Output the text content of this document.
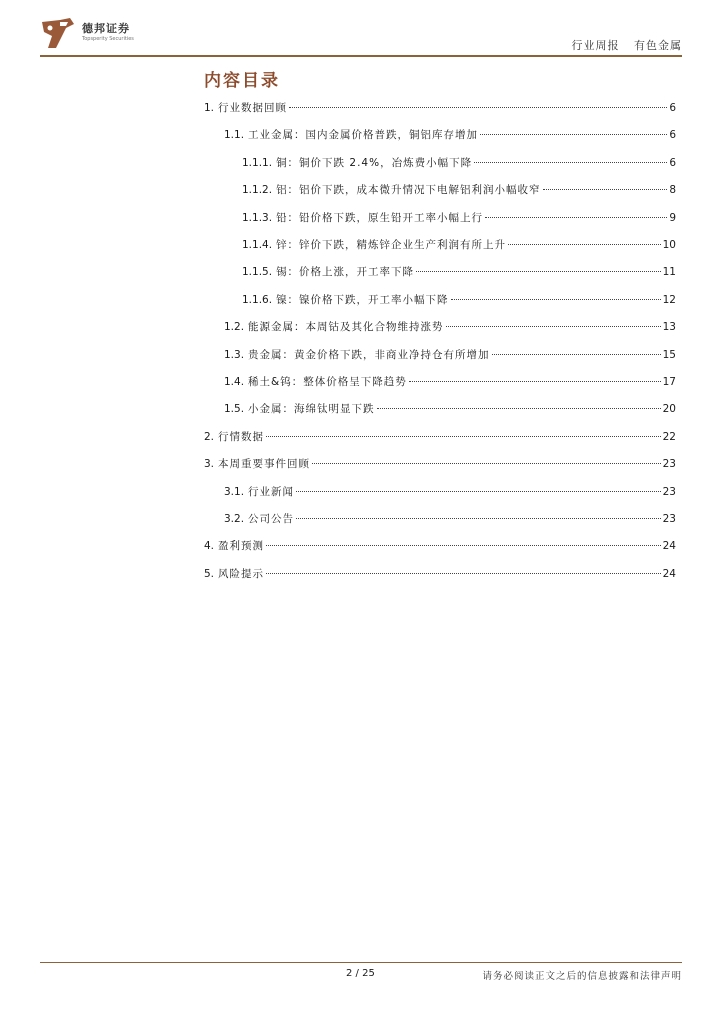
德邦证券
Topsperity Securities	行业周报 有色金属
内容目录
1. 行业数据回顾	6
1.1. 工业金属：国内金属价格普跌，铜铝库存增加	6
1.1.1. 铜：铜价下跌 2.4%，冶炼费小幅下降	6
1.1.2. 铝：铝价下跌，成本微升情况下电解铝利润小幅收窄	8
1.1.3. 铅：铅价格下跌，原生铅开工率小幅上行	9
1.1.4. 锌：锌价下跌，精炼锌企业生产利润有所上升	10
1.1.5. 锡：价格上涨，开工率下降	11
1.1.6. 镍：镍价格下跌，开工率小幅下降	12
1.2. 能源金属：本周钴及其化合物维持涨势	13
1.3. 贵金属：黄金价格下跌，非商业净持仓有所增加	15
1.4. 稀土&钨：整体价格呈下降趋势	17
1.5. 小金属：海绵钛明显下跌	20
2. 行情数据	22
3. 本周重要事件回顾	23
3.1. 行业新闻	23
3.2. 公司公告	23
4. 盈利预测	24
5. 风险提示	24
2 / 25	请务必阅读正文之后的信息披露和法律声明
